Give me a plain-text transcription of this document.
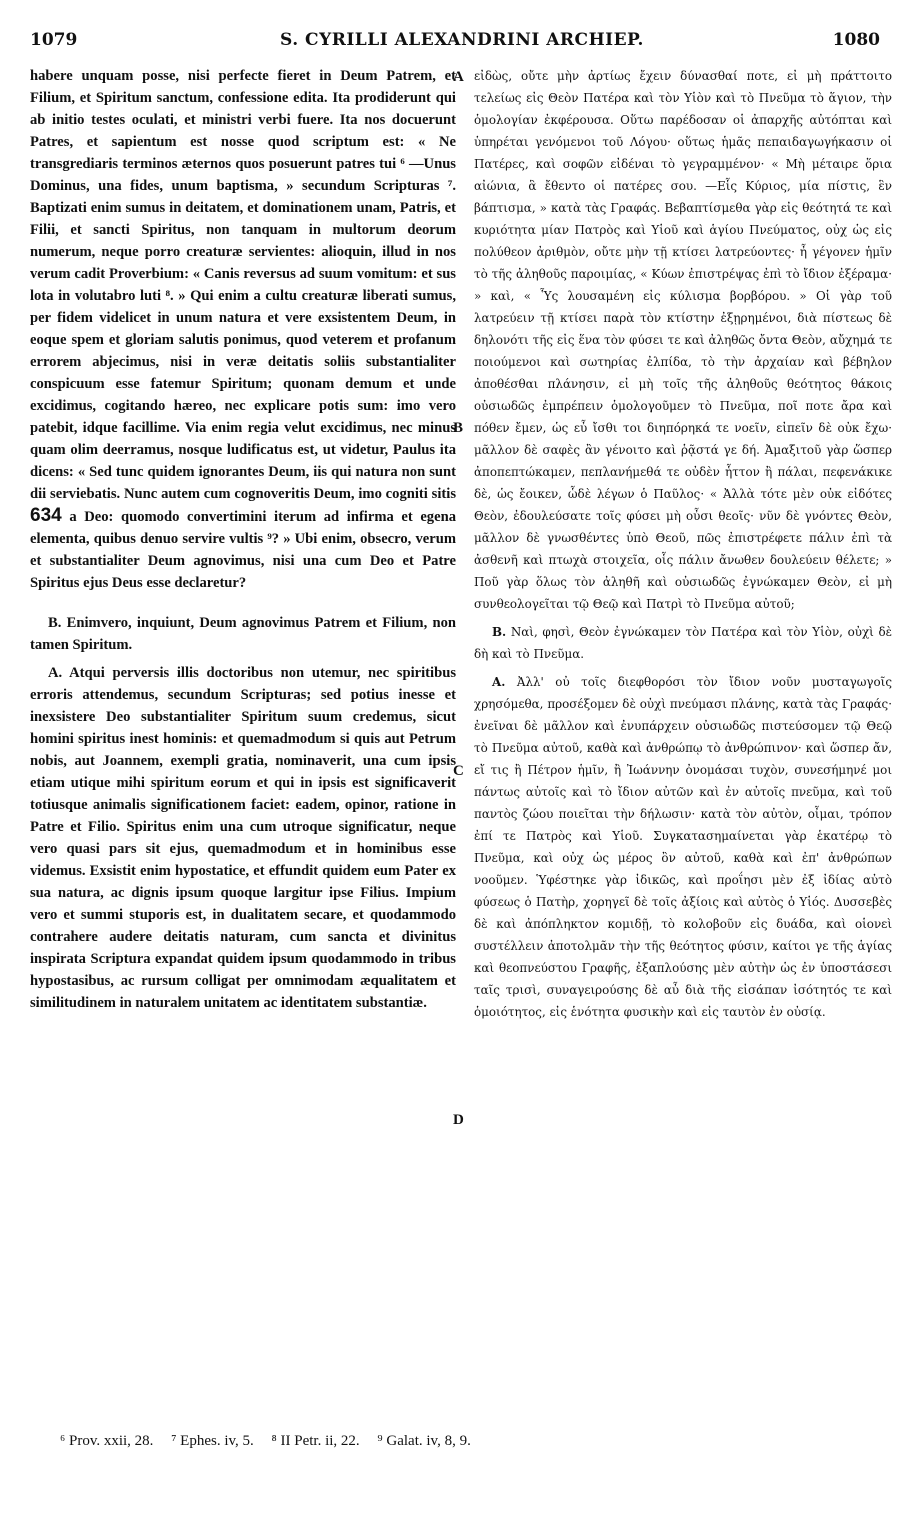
1079	S. CYRILLI ALEXANDRINI ARCHIEP.	1080

habere unquam posse, nisi perfecte fieret in Deum Patrem, et Filium, et Spiritum sanctum, confessione edita. Ita prodiderunt qui ab initio testes oculati, et ministri verbi fuere. Ita nos docuerunt Patres, et sapientum est nosse quod scriptum est: « Ne transgrediaris terminos æternos quos posuerunt patres tui ⁶ —Unus Dominus, una fides, unum baptisma, » secundum Scripturas ⁷. Baptizati enim sumus in deitatem, et dominationem unam, Patris, et Filii, et sancti Spiritus, non tanquam in multorum deorum numerum, neque porro creaturæ servientes: alioquin, illud in nos verum cadit Proverbium: « Canis reversus ad suum vomitum: et sus lota in volutabro luti ⁸. » Qui enim a cultu creaturæ liberati sumus, per fidem videlicet in unum natura et vere exsistentem Deum, in eoque spem et gloriam salutis ponimus, quod veterem et profanum errorem abjecimus, nisi in veræ deitatis soliis substantialiter conspicuum esse fatemur Spiritum; quonam demum et unde excidimus, cogitando hæreo, nec explicare potis sum: imo vero patebit, idque facillime. Via enim regia velut excidimus, nec minus quam olim deerramus, nosque ludificatus est, ut videtur, Paulus ita dicens: « Sed tunc quidem ignorantes Deum, iis qui natura non sunt dii serviebatis. Nunc autem cum cognoveritis Deum, imo cogniti sitis 634 a Deo: quomodo convertimini iterum ad infirma et egena elementa, quibus denuo servire vultis ⁹? » Ubi enim, obsecro, verum et substantialiter Deum agnovimus, nisi una cum Deo et Patre Spiritus ejus Deus esse declaretur?

B. Enimvero, inquiunt, Deum agnovimus Patrem et Filium, non tamen Spiritum.

A. Atqui perversis illis doctoribus non utemur, nec spiritibus erroris attendemus, secundum Scripturas; sed potius inesse et inexsistere Deo substantialiter Spiritum suum credemus, sicut homini spiritus inest hominis: et quemadmodum si quis aut Petrum nobis, aut Joannem, exempli gratia, nominaverit, una cum ipsis etiam utique mihi spiritum eorum et qui in ipsis est significaverit totiusque animalis significationem faciet: eadem, opinor, ratione in Patre et Filio. Spiritus enim una cum utroque significatur, neque vero quasi pars sit ejus, quemadmodum et in hominibus esse videmus. Exsistit enim hypostatice, et effundit quidem eum Pater ex sua natura, ac dignis ipsum quoque largitur ipse Filius. Impium vero et summi stuporis est, in dualitatem secare, et quodammodo contrahere audere deitatis naturam, cum sancta et divinitus inspirata Scriptura expandat quidem ipsum quodammodo in tribus hypostasibus, ac rursum colligat per omnimodam æqualitatem et similitudinem in naturalem unitatem ac identitatem substantiæ.

A
B
C
D

εἰδὼς, οὔτε μὴν ἀρτίως ἔχειν δύνασθαί ποτε, εἰ μὴ πράττοιτο τελείως εἰς Θεὸν Πατέρα καὶ τὸν Υἱὸν καὶ τὸ Πνεῦμα τὸ ἅγιον, τὴν ὁμολογίαν ἐκφέρουσα. Οὕτω παρέδοσαν οἱ ἀπαρχῆς αὐτόπται καὶ ὑπηρέται γενόμενοι τοῦ Λόγου· οὕτως ἡμᾶς πεπαιδαγωγήκασιν οἱ Πατέρες, καὶ σοφῶν εἰδέναι τὸ γεγραμμένον· « Μὴ μέταιρε ὅρια αἰώνια, ἃ ἔθεντο οἱ πατέρες σου. —Εἷς Κύριος, μία πίστις, ἓν βάπτισμα, » κατὰ τὰς Γραφάς. Βεβαπτίσμεθα γὰρ εἰς θεότητά τε καὶ κυριότητα μίαν Πατρὸς καὶ Υἱοῦ καὶ ἁγίου Πνεύματος, οὐχ ὡς εἰς πολύθεον ἀριθμὸν, οὔτε μὴν τῇ κτίσει λατρεύοντες· ἦ γέγονεν ἡμῖν τὸ τῆς ἀληθοῦς παροιμίας, « Κύων ἐπιστρέψας ἐπὶ τὸ ἴδιον ἐξέραμα· » καὶ, « Ὗς λουσαμένη εἰς κύλισμα βορβόρου. » Οἱ γὰρ τοῦ λατρεύειν τῇ κτίσει παρὰ τὸν κτίστην ἐξῃρημένοι, διὰ πίστεως δὲ δηλονότι τῆς εἰς ἕνα τὸν φύσει τε καὶ ἀληθῶς ὄντα Θεὸν, αὔχημά τε ποιούμενοι καὶ σωτηρίας ἐλπίδα, τὸ τὴν ἀρχαίαν καὶ βέβηλον ἀποθέσθαι πλάνησιν, εἰ μὴ τοῖς τῆς ἀληθοῦς θεότητος θάκοις οὐσιωδῶς ἐμπρέπειν ὁμολογοῦμεν τὸ Πνεῦμα, ποῖ ποτε ἄρα καὶ πόθεν ἔμεν, ὡς εὖ ἴσθι τοι διηπόρηκά τε νοεῖν, εἰπεῖν δὲ οὐκ ἔχω· μᾶλλον δὲ σαφὲς ἂν γένοιτο καὶ ῥᾷστά γε δή. Ἀμαξιτοῦ γὰρ ὥσπερ ἀποπεπτώκαμεν, πεπλανήμεθά τε οὐδὲν ἧττον ἢ πάλαι, πεφενάκικε δὲ, ὡς ἔοικεν, ὧδὲ λέγων ὁ Παῦλος· « Ἀλλὰ τότε μὲν οὐκ εἰδότες Θεὸν, ἐδουλεύσατε τοῖς φύσει μὴ οὖσι θεοῖς· νῦν δὲ γνόντες Θεὸν, μᾶλλον δὲ γνωσθέντες ὑπὸ Θεοῦ, πῶς ἐπιστρέφετε πάλιν ἐπὶ τὰ ἀσθενῆ καὶ πτωχὰ στοιχεῖα, οἷς πάλιν ἄνωθεν δουλεύειν θέλετε; » Ποῦ γὰρ ὅλως τὸν ἀληθῆ καὶ οὐσιωδῶς ἐγνώκαμεν Θεὸν, εἰ μὴ συνθεολογεῖται τῷ Θεῷ καὶ Πατρὶ τὸ Πνεῦμα αὐτοῦ;

B. Ναὶ, φησὶ, Θεὸν ἐγνώκαμεν τὸν Πατέρα καὶ τὸν Υἱὸν, οὐχὶ δὲ δὴ καὶ τὸ Πνεῦμα.

A. Ἀλλ' οὐ τοῖς διεφθορόσι τὸν ἴδιον νοῦν μυσταγωγοῖς χρησόμεθα, προσέξομεν δὲ οὐχὶ πνεύμασι πλάνης, κατὰ τὰς Γραφάς· ἐνεῖναι δὲ μᾶλλον καὶ ἐνυπάρχειν οὐσιωδῶς πιστεύσομεν τῷ Θεῷ τὸ Πνεῦμα αὐτοῦ, καθὰ καὶ ἀνθρώπῳ τὸ ἀνθρώπινον· καὶ ὥσπερ ἄν, εἴ τις ἢ Πέτρον ἡμῖν, ἢ Ἰωάννην ὀνομάσαι τυχὸν, συνεσήμηνέ μοι πάντως αὐτοῖς καὶ τὸ ἴδιον αὐτῶν καὶ ἐν αὐτοῖς πνεῦμα, καὶ τοῦ παντὸς ζώου ποιεῖται τὴν δήλωσιν· κατὰ τὸν αὐτὸν, οἶμαι, τρόπον ἐπί τε Πατρὸς καὶ Υἱοῦ. Συγκατασημαίνεται γὰρ ἑκατέρῳ τὸ Πνεῦμα, καὶ οὐχ ὡς μέρος ὂν αὐτοῦ, καθὰ καὶ ἐπ' ἀνθρώπων νοοῦμεν. Ὑφέστηκε γὰρ ἰδικῶς, καὶ προΐησι μὲν ἐξ ἰδίας αὐτὸ φύσεως ὁ Πατὴρ, χορηγεῖ δὲ τοῖς ἀξίοις καὶ αὐτὸς ὁ Υἱός. Δυσσεβὲς δὲ καὶ ἀπόπληκτον κομιδῇ, τὸ κολοβοῦν εἰς δυάδα, καὶ οἱονεὶ συστέλλειν ἀποτολμᾶν τὴν τῆς θεότητος φύσιν, καίτοι γε τῆς ἁγίας καὶ θεοπνεύστου Γραφῆς, ἐξαπλούσης μὲν αὐτὴν ὡς ἐν ὑποστάσεσι ταῖς τρισὶ, συναγειρούσης δὲ αὖ διὰ τῆς εἰσάπαν ἰσότητός τε καὶ ὁμοιότητος, εἰς ἑνότητα φυσικὴν καὶ εἰς ταυτὸν ἐν οὐσίᾳ.

⁶ Prov. xxii, 28. ⁷ Ephes. iv, 5. ⁸ II Petr. ii, 22. ⁹ Galat. iv, 8, 9.
